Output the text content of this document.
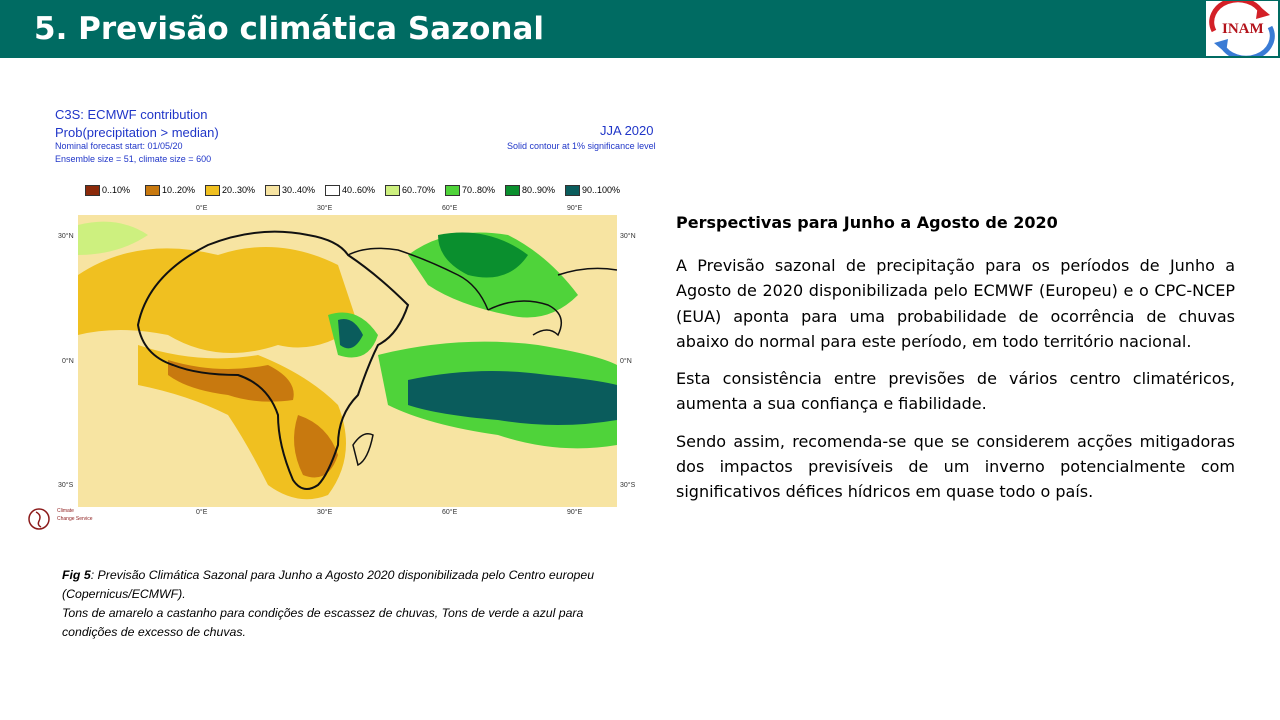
5. Previsão climática Sazonal	INAM
C3S: ECMWF contribution
Prob(precipitation > median)
Nominal forecast start: 01/05/20
Ensemble size = 51, climate size = 600
JJA 2020
Solid contour at 1% significance level
0..10%	10..20%	20..30%	30..40%	40..60%	60..70%	70..80%	80..90%	90..100%
0°E	30°E	60°E	90°E
0°E	30°E	60°E	90°E
30°N
0°N
30°S
30°N
0°N
30°S
Climate
Change Service
Fig 5: Previsão Climática Sazonal para Junho a Agosto 2020 disponibilizada pelo Centro europeu (Copernicus/ECMWF).
Tons de amarelo a castanho para condições de escassez de chuvas, Tons de verde a azul para condições de excesso de chuvas.
Perspectivas para Junho a Agosto de 2020

A Previsão sazonal de precipitação para os períodos de Junho a Agosto de 2020 disponibilizada pelo ECMWF (Europeu) e o CPC-NCEP (EUA) aponta para uma probabilidade de ocorrência de chuvas abaixo do normal para este período, em todo território nacional.

Esta consistência entre previsões de vários centro climatéricos, aumenta a sua confiança e fiabilidade.

Sendo assim, recomenda-se que se considerem acções mitigadoras dos impactos previsíveis de um inverno potencialmente com significativos défices hídricos em quase todo o país.
